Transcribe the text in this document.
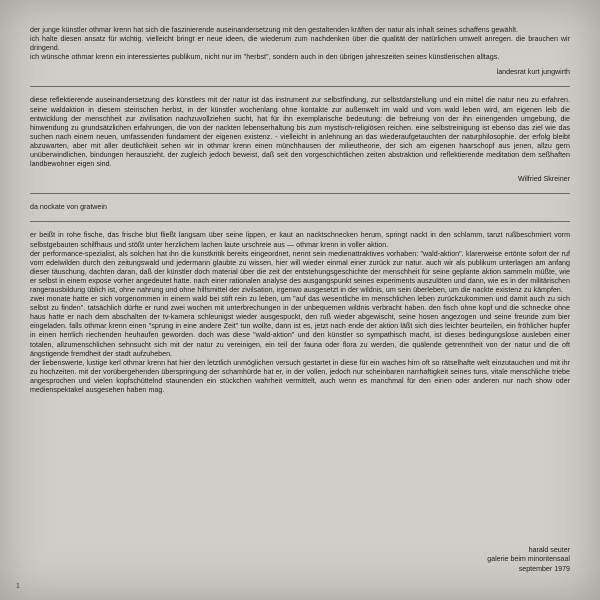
der junge künstler othmar krenn hat sich die faszinierende auseinandersetzung mit den gestaltenden kräften der natur als inhalt seines schaffens gewählt.

ich halte diesen ansatz für wichtig. vielleicht bringt er neue ideen, die wiederum zum nachdenken über die qualität der natürlichen umwelt anregen. die brauchen wir dringend.

ich wünsche othmar krenn ein interessiertes publikum, nicht nur im "herbst", sondern auch in den übrigen jahreszeiten seines künstlerischen alltags.

landesrat kurt jungwirth

diese reflektierende auseinandersetzung des künstlers mit der natur ist das instrument zur selbstfindung, zur selbstdarstellung und ein mittel die natur neu zu erfahren. seine waldaktion in diesem steirischen herbst, in der künstler wochenlang ohne kontakte zur außenwelt im wald und vom wald leben wird, am eigenen leib die entwicklung der menschheit zur zivilisation nachzuvollziehen sucht, hat für ihn exemplarische bedeutung: die befreiung von der ihn einengenden umgebung, die hinwendung zu grundsätzlichen erfahrungen, die von der nackten lebenserhaltung bis zum mystisch-religiösen reichen. eine selbstreinigung ist ebenso das ziel wie das suchen nach einem neuen, umfassenden fundament der eigenen existenz. - vielleicht in anlehnung an das wiederaufgetauchten der naturphilosophie. der erfolg bleibt abzuwarten, aber mit aller deutlichkeit sehen wir in othmar krenn einen münchhausen der milieutheorie, der sich am eigenen haarschopf aus jenen, allzu gern unüberwindlichen, bindungen herauszieht. der zugleich jedoch beweist, daß seit den vorgeschichtlichen zeiten abstraktion und reflektierende meditation dem seßhaften landbewohner eigen sind.

Wilfried Skreiner
da nockate von gratwein

er beißt in rohe fische, das frische blut fließt langsam über seine lippen, er kaut an nacktschnecken herum, springt nackt in den schlamm, tanzt rußbeschmiert vorm selbstgebauten schilfhaus und stößt unter herzlichem lachen laute urschreie aus — othmar krenn in voller aktion.

der performance-spezialist, als solchen hat ihn die kunstkritik bereits eingeordnet, nennt sein medienattraktives vorhaben: "wald-aktion". klarerweise ertönte sofort der ruf vom edelwilden durch den zeitungswald und jedermann glaubte zu wissen, hier will wieder einmal einer zurück zur natur. auch wir als publikum unterlagen am anfang dieser täuschung, dachten daran, daß der künstler doch material über die zeit der entstehungsgeschichte der menschheit für seine geplante aktion sammeln müßte, wie er selbst in einem expose vorher angedeutet hatte. nach einer rationalen analyse des ausgangspunkt seines experiments auszulöten und dann, wie es in der militärischen rangerausbildung üblich ist, ohne nahrung und ohne hilfsmittel der zivilsation, irgenwo ausgesetzt in der wildnis, um sein überleben, um die nackte existenz zu kämpfen.

zwei monate hatte er sich vorgenommen in einem wald bei stift rein zu leben, um "auf das wesentliche im menschlichen leben zurückzukommen und damit auch zu sich selbst zu finden". tatsächlich dürfte er rund zwei wochen mit unterbrechungen in der unbequemen wildnis verbracht haben. den fisch ohne kopf und die schnecke ohne haus hatte er nach dem abschalten der tv-kamera schleunigst wieder ausgespuckt, den ruß wieder abgewischt, seine hosen angezogen und seine freunde zum bier eingeladen. falls othmar krenn einen "sprung in eine andere Zeit" tun wollte, dann ist es, jetzt nach ende der aktion läßt sich dies leichter beurteilen, ein fröhlicher hupfer in einen herrlich riechenden heuhaufen geworden. doch was diese "wald-aktion" und den künstler so sympathisch macht, ist dieses bedingungslose ausleben einer totalen, allzumenschlichen sehnsucht sich mit der natur zu vereinigen, ein teil der fauna oder flora zu werden, die quälende getrenntheit von der natur und die oft ängstigende fremdheit der stadt aufzuheben.

der liebenswerte, lustige kerl othmar krenn hat hier den letztlich unmöglichen versuch gestartet in diese für ein waches hirn oft so rätselhafte welt einzutauchen und mit ihr zu hochzeiten. mit der vorübergehenden überspringung der schamhürde hat er, in der vollen, jedoch nur scheinbaren narrhaftigkeit seines tuns, vitale menschliche triebe angesprochen und vielen kopfschüttelnd staunenden ein stückchen wahrheit vermittelt, auch wenn es manchmal für den einen oder anderen nur nach show oder medienspektakel ausgesehen haben mag.

harald seuter
galerie beim minoritensaal
september 1979
1
